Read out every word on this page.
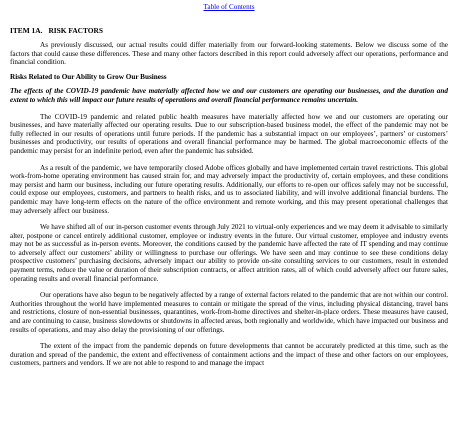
Table of Contents
ITEM 1A. RISK FACTORS

As previously discussed, our actual results could differ materially from our forward-looking statements. Below we discuss some of the factors that could cause these differences. These and many other factors described in this report could adversely affect our operations, performance and financial condition.

Risks Related to Our Ability to Grow Our Business

The effects of the COVID-19 pandemic have materially affected how we and our customers are operating our businesses, and the duration and extent to which this will impact our future results of operations and overall financial performance remains uncertain.

The COVID-19 pandemic and related public health measures have materially affected how we and our customers are operating our businesses, and have materially affected our operating results. Due to our subscription-based business model, the effect of the pandemic may not be fully reflected in our results of operations until future periods. If the pandemic has a substantial impact on our employees’, partners’ or customers’ businesses and productivity, our results of operations and overall financial performance may be harmed. The global macroeconomic effects of the pandemic may persist for an indefinite period, even after the pandemic has subsided.

As a result of the pandemic, we have temporarily closed Adobe offices globally and have implemented certain travel restrictions. This global work-from-home operating environment has caused strain for, and may adversely impact the productivity of, certain employees, and these conditions may persist and harm our business, including our future operating results. Additionally, our efforts to re-open our offices safely may not be successful, could expose our employees, customers, and partners to health risks, and us to associated liability, and will involve additional financial burdens. The pandemic may have long-term effects on the nature of the office environment and remote working, and this may present operational challenges that may adversely affect our business.

We have shifted all of our in-person customer events through July 2021 to virtual-only experiences and we may deem it advisable to similarly alter, postpone or cancel entirely additional customer, employee or industry events in the future. Our virtual customer, employee and industry events may not be as successful as in-person events. Moreover, the conditions caused by the pandemic have affected the rate of IT spending and may continue to adversely affect our customers’ ability or willingness to purchase our offerings. We have seen and may continue to see these conditions delay prospective customers’ purchasing decisions, adversely impact our ability to provide on-site consulting services to our customers, result in extended payment terms, reduce the value or duration of their subscription contracts, or affect attrition rates, all of which could adversely affect our future sales, operating results and overall financial performance.

Our operations have also begun to be negatively affected by a range of external factors related to the pandemic that are not within our control. Authorities throughout the world have implemented measures to contain or mitigate the spread of the virus, including physical distancing, travel bans and restrictions, closure of non-essential businesses, quarantines, work-from-home directives and shelter-in-place orders. These measures have caused, and are continuing to cause, business slowdowns or shutdowns in affected areas, both regionally and worldwide, which have impacted our business and results of operations, and may also delay the provisioning of our offerings.

The extent of the impact from the pandemic depends on future developments that cannot be accurately predicted at this time, such as the duration and spread of the pandemic, the extent and effectiveness of containment actions and the impact of these and other factors on our employees, customers, partners and vendors. If we are not able to respond to and manage the impact
